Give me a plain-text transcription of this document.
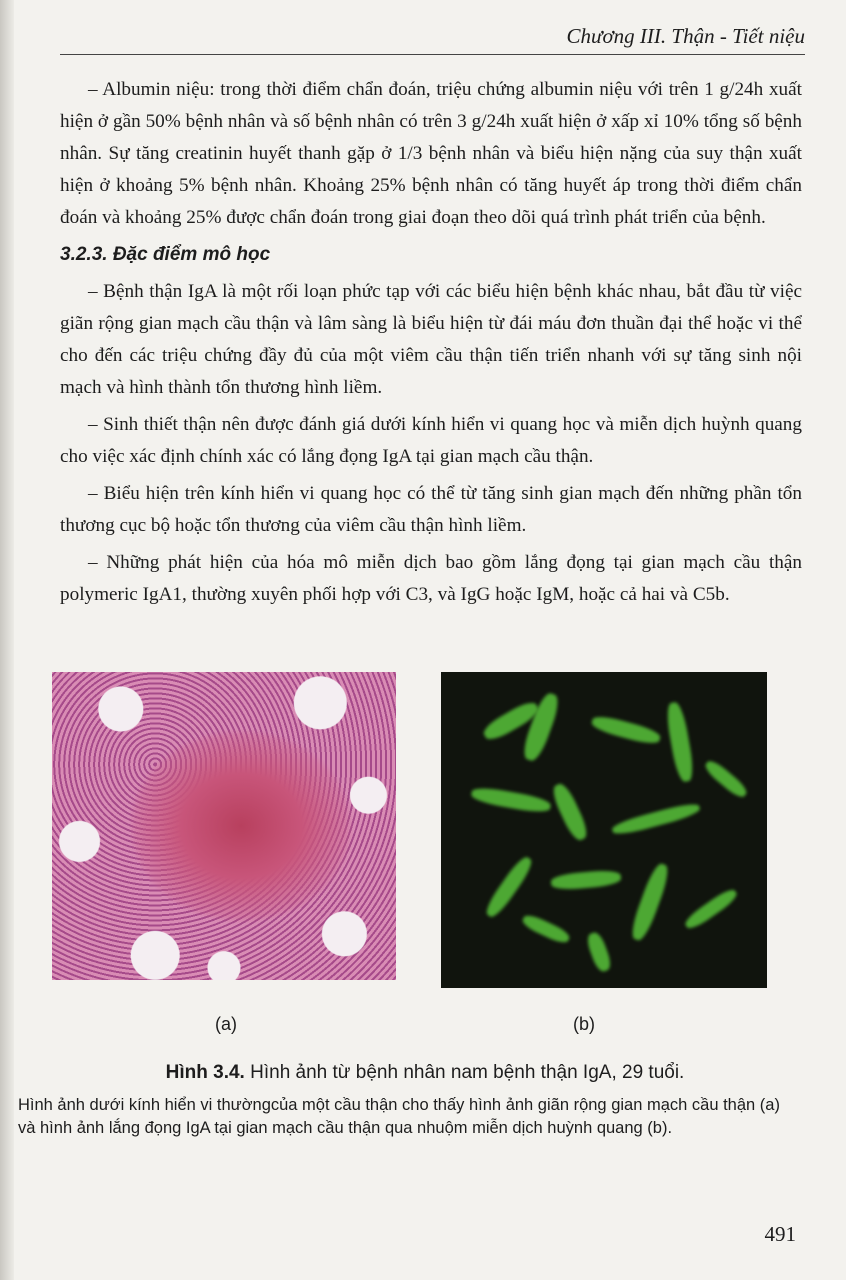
Chương III. Thận - Tiết niệu

– Albumin niệu: trong thời điểm chẩn đoán, triệu chứng albumin niệu với trên 1 g/24h xuất hiện ở gần 50% bệnh nhân và số bệnh nhân có trên 3 g/24h xuất hiện ở xấp xỉ 10% tổng số bệnh nhân. Sự tăng creatinin huyết thanh gặp ở 1/3 bệnh nhân và biểu hiện nặng của suy thận xuất hiện ở khoảng 5% bệnh nhân. Khoảng 25% bệnh nhân có tăng huyết áp trong thời điểm chẩn đoán và khoảng 25% được chẩn đoán trong giai đoạn theo dõi quá trình phát triển của bệnh.

3.2.3. Đặc điểm mô học

– Bệnh thận IgA là một rối loạn phức tạp với các biểu hiện bệnh khác nhau, bắt đầu từ việc giãn rộng gian mạch cầu thận và lâm sàng là biểu hiện từ đái máu đơn thuần đại thể hoặc vi thể cho đến các triệu chứng đầy đủ của một viêm cầu thận tiến triển nhanh với sự tăng sinh nội mạch và hình thành tổn thương hình liềm.

– Sinh thiết thận nên được đánh giá dưới kính hiển vi quang học và miễn dịch huỳnh quang cho việc xác định chính xác có lắng đọng IgA tại gian mạch cầu thận.

– Biểu hiện trên kính hiển vi quang học có thể từ tăng sinh gian mạch đến những phần tổn thương cục bộ hoặc tổn thương của viêm cầu thận hình liềm.

– Những phát hiện của hóa mô miễn dịch bao gồm lắng đọng tại gian mạch cầu thận polymeric IgA1, thường xuyên phối hợp với C3, và IgG hoặc IgM, hoặc cả hai và C5b.

(a)	(b)
Hình 3.4. Hình ảnh từ bệnh nhân nam bệnh thận IgA, 29 tuổi.
Hình ảnh dưới kính hiển vi thườngcủa một cầu thận cho thấy hình ảnh giãn rộng gian mạch cầu thận (a) và hình ảnh lắng đọng IgA tại gian mạch cầu thận qua nhuộm miễn dịch huỳnh quang (b).
491
